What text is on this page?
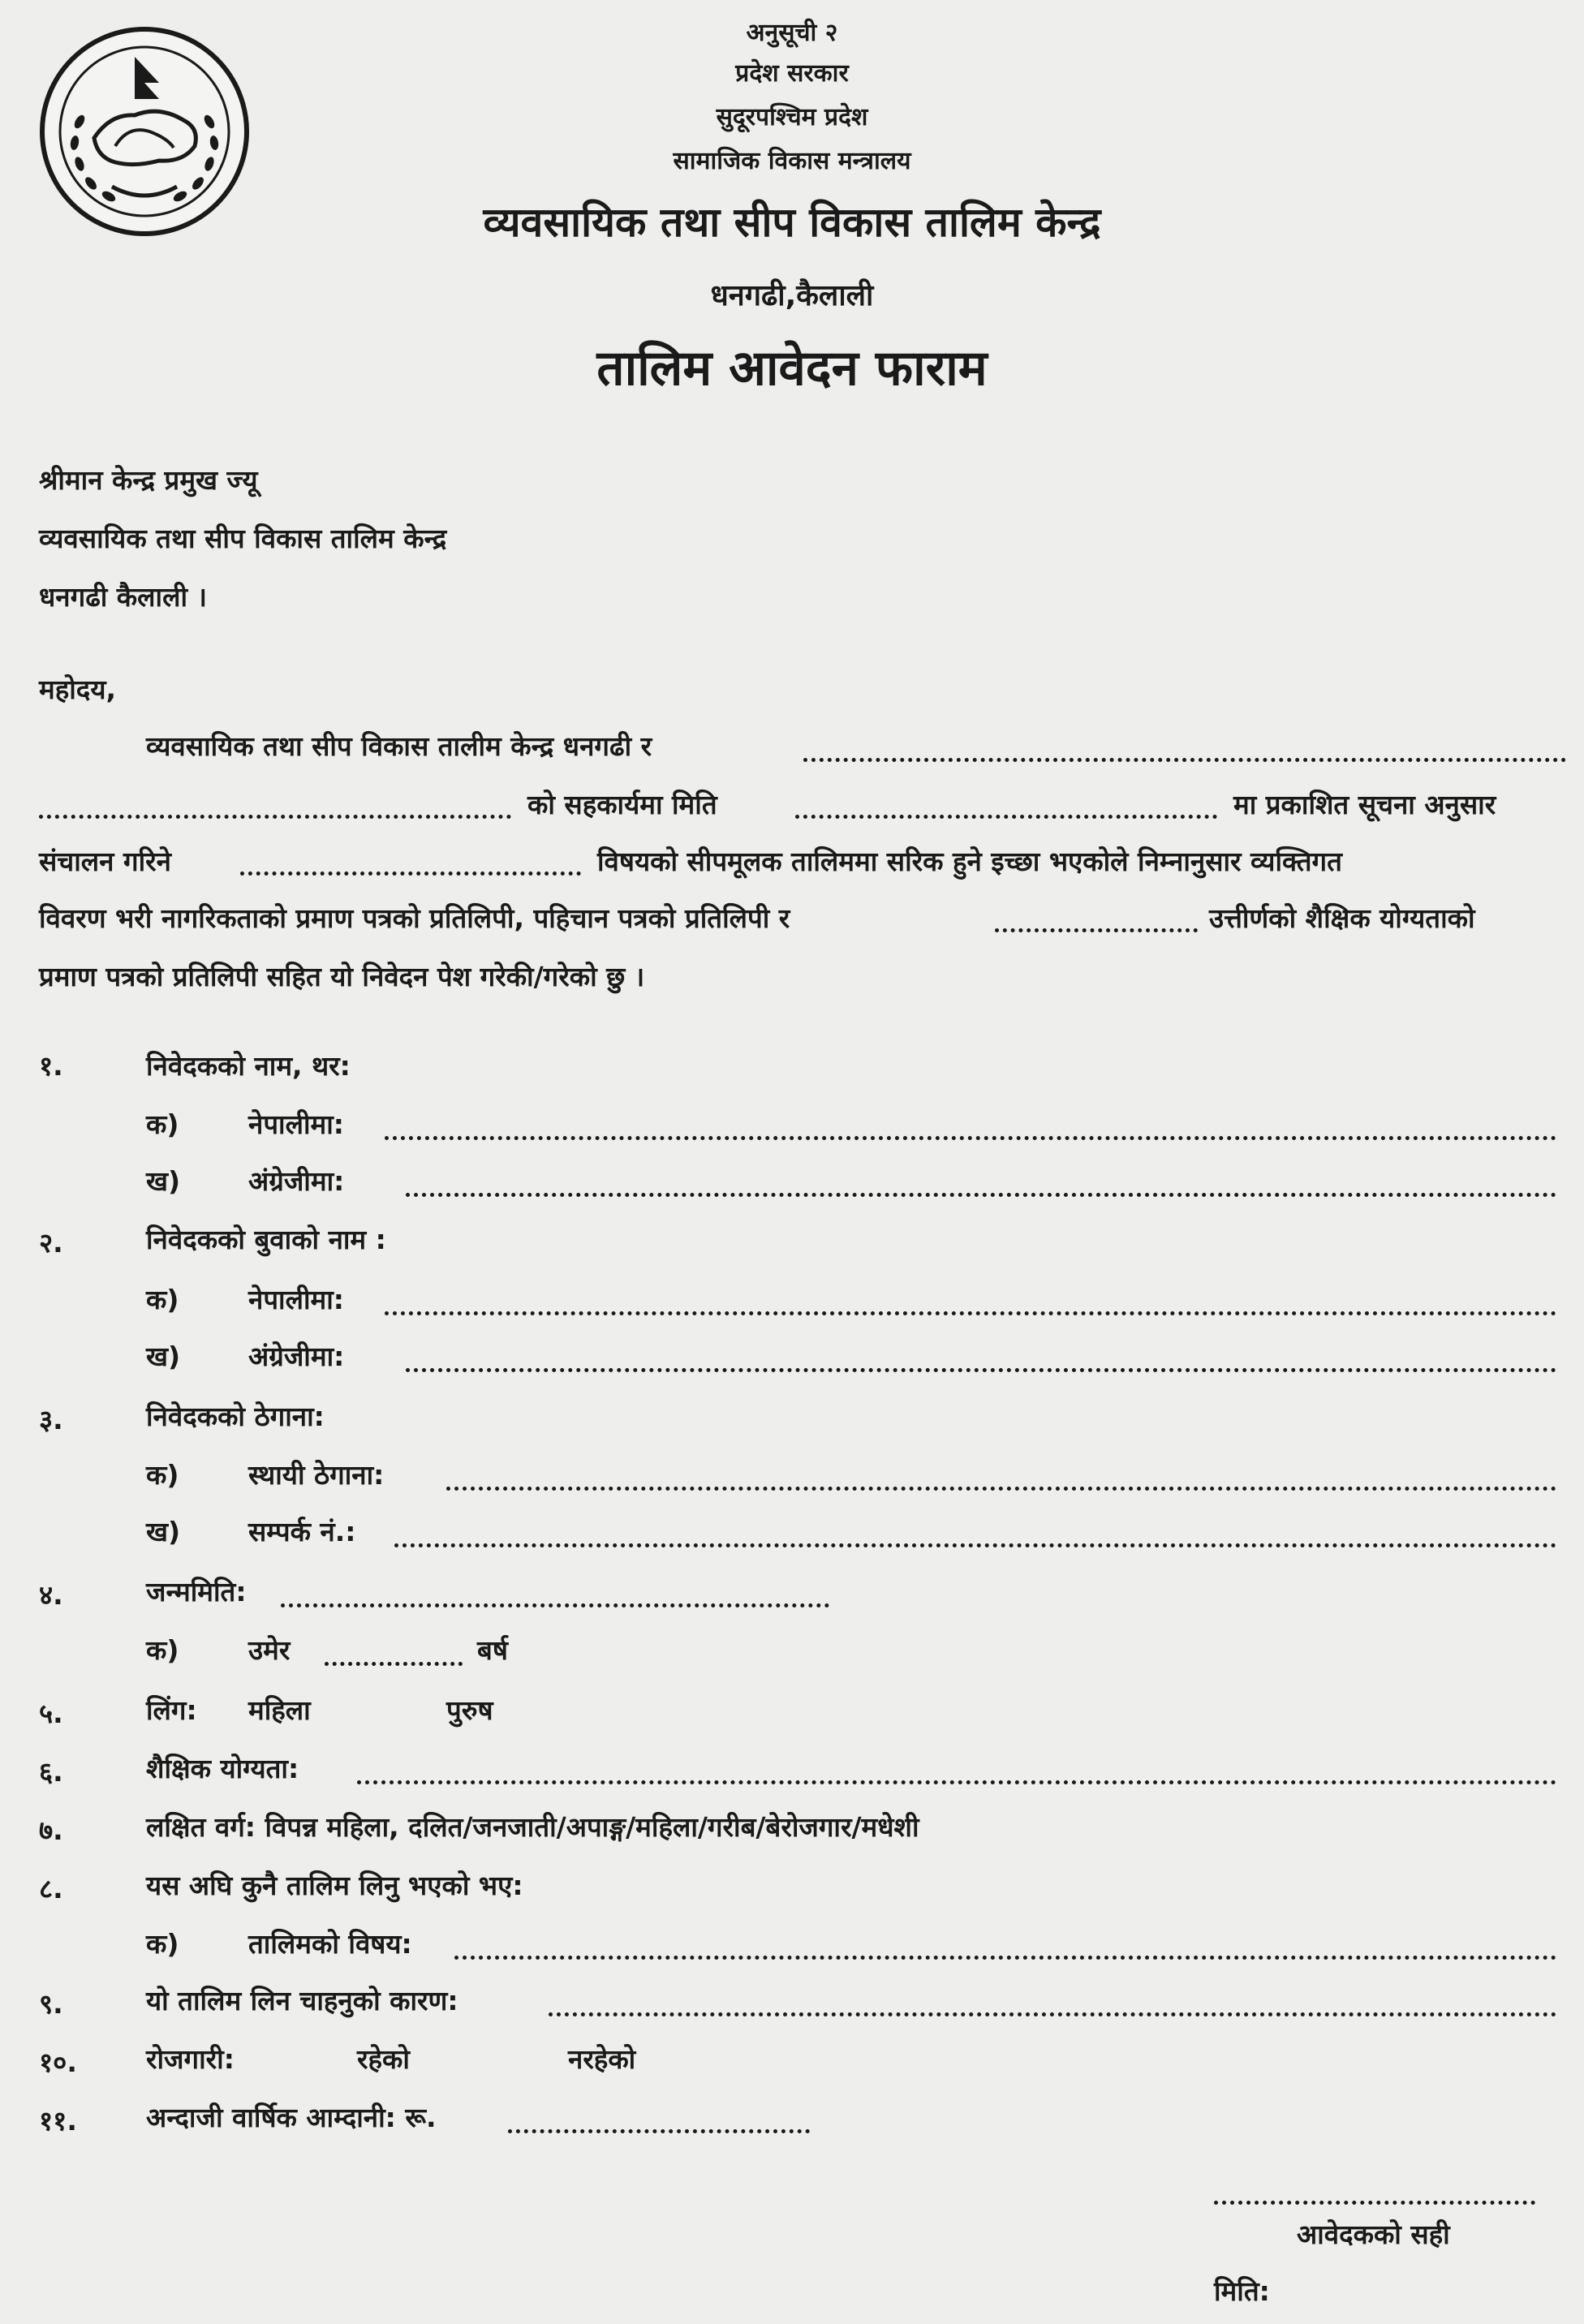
अनुसूची २
प्रदेश सरकार
सुदूरपश्चिम प्रदेश
सामाजिक विकास मन्त्रालय
व्यवसायिक तथा सीप विकास तालिम केन्द्र
धनगढी,कैलाली
तालिम आवेदन फाराम
श्रीमान केन्द्र प्रमुख ज्यू
व्यवसायिक तथा सीप विकास तालिम केन्द्र
धनगढी कैलाली ।
महोदय,
व्यवसायिक तथा सीप विकास तालीम केन्द्र धनगढी र
को सहकार्यमा मिति	मा प्रकाशित सूचना अनुसार
संचालन गरिने	विषयको सीपमूलक तालिममा सरिक हुने इच्छा भएकोले निम्नानुसार व्यक्तिगत
विवरण भरी नागरिकताको प्रमाण पत्रको प्रतिलिपी, पहिचान पत्रको प्रतिलिपी र	उत्तीर्णको शैक्षिक योग्यताको
प्रमाण पत्रको प्रतिलिपी सहित यो निवेदन पेश गरेकी/गरेको छु ।
१.	निवेदकको नाम, थर:
क)	नेपालीमा:
ख)	अंग्रेजीमा:
२.	निवेदकको बुवाको नाम :
क)	नेपालीमा:
ख)	अंग्रेजीमा:
३.	निवेदकको ठेगाना:
क)	स्थायी ठेगाना:
ख)	सम्पर्क नं.:
४.	जन्ममिति:
क)	उमेर	बर्ष
५.	लिंग: महिला	पुरुष
६.	शैक्षिक योग्यता:
७.	लक्षित वर्ग: विपन्न महिला, दलित/जनजाती/अपाङ्ग/महिला/गरीब/बेरोजगार/मधेशी
८.	यस अघि कुनै तालिम लिनु भएको भए:
क)	तालिमको विषय:
९.	यो तालिम लिन चाहनुको कारण:
१०.	रोजगारी:	रहेको	नरहेको
११.	अन्दाजी वार्षिक आम्दानी: रू.
आवेदकको सही
मिति:
